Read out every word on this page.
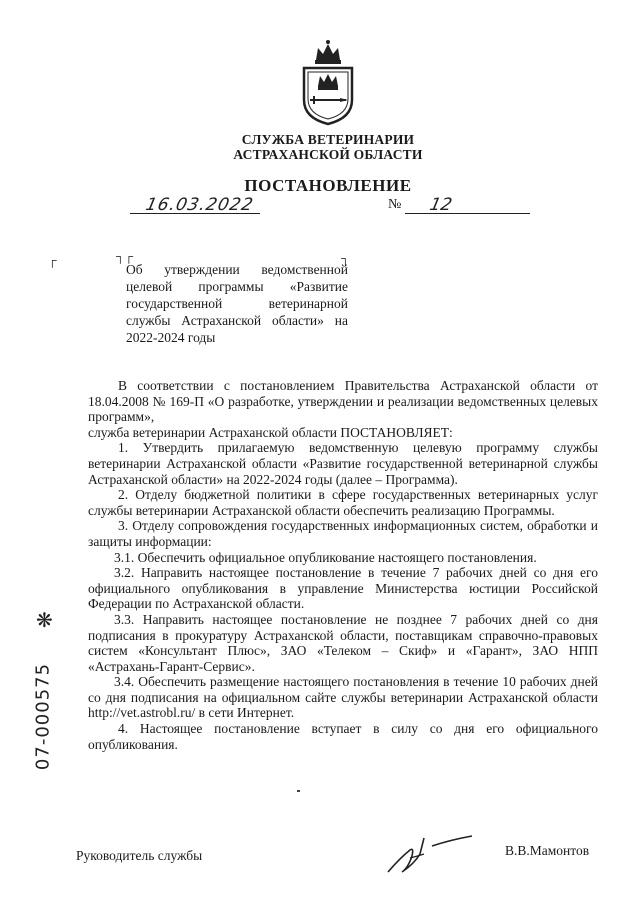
СЛУЖБА ВЕТЕРИНАРИИ
АСТРАХАНСКОЙ ОБЛАСТИ
ПОСТАНОВЛЕНИЕ
16.03.2022	№ 12
┌	┐┌	┐
Об утверждении ведомственной
целевой программы «Развитие
государственной ветеринарной
службы Астраханской области» на
2022-2024 годы

В соответствии с постановлением Правительства Астраханской области от 18.04.2008 № 169-П «О разработке, утверждении и реализации ведомственных целевых программ»,

служба ветеринарии Астраханской области ПОСТАНОВЛЯЕТ:

1. Утвердить прилагаемую ведомственную целевую программу службы ветеринарии Астраханской области «Развитие государственной ветеринарной службы Астраханской области» на 2022-2024 годы (далее – Программа).

2. Отделу бюджетной политики в сфере государственных ветеринарных услуг службы ветеринарии Астраханской области обеспечить реализацию Программы.

3. Отделу сопровождения государственных информационных систем, обработки и защиты информации:

3.1. Обеспечить официальное опубликование настоящего постановления.

3.2. Направить настоящее постановление в течение 7 рабочих дней со дня его официального опубликования в управление Министерства юстиции Российской Федерации по Астраханской области.

3.3. Направить настоящее постановление не позднее 7 рабочих дней со дня подписания в прокуратуру Астраханской области, поставщикам справочно-правовых систем «Консультант Плюс», ЗАО «Телеком – Скиф» и «Гарант», ЗАО НПП «Астрахань-Гарант-Сервис».

3.4. Обеспечить размещение настоящего постановления в течение 10 рабочих дней со дня подписания на официальном сайте службы ветеринарии Астраханской области http://vet.astrobl.ru/ в сети Интернет.

4. Настоящее постановление вступает в силу со дня его официального опубликования.

Руководитель службы	В.В.Мамонтов
❋
07-000575
